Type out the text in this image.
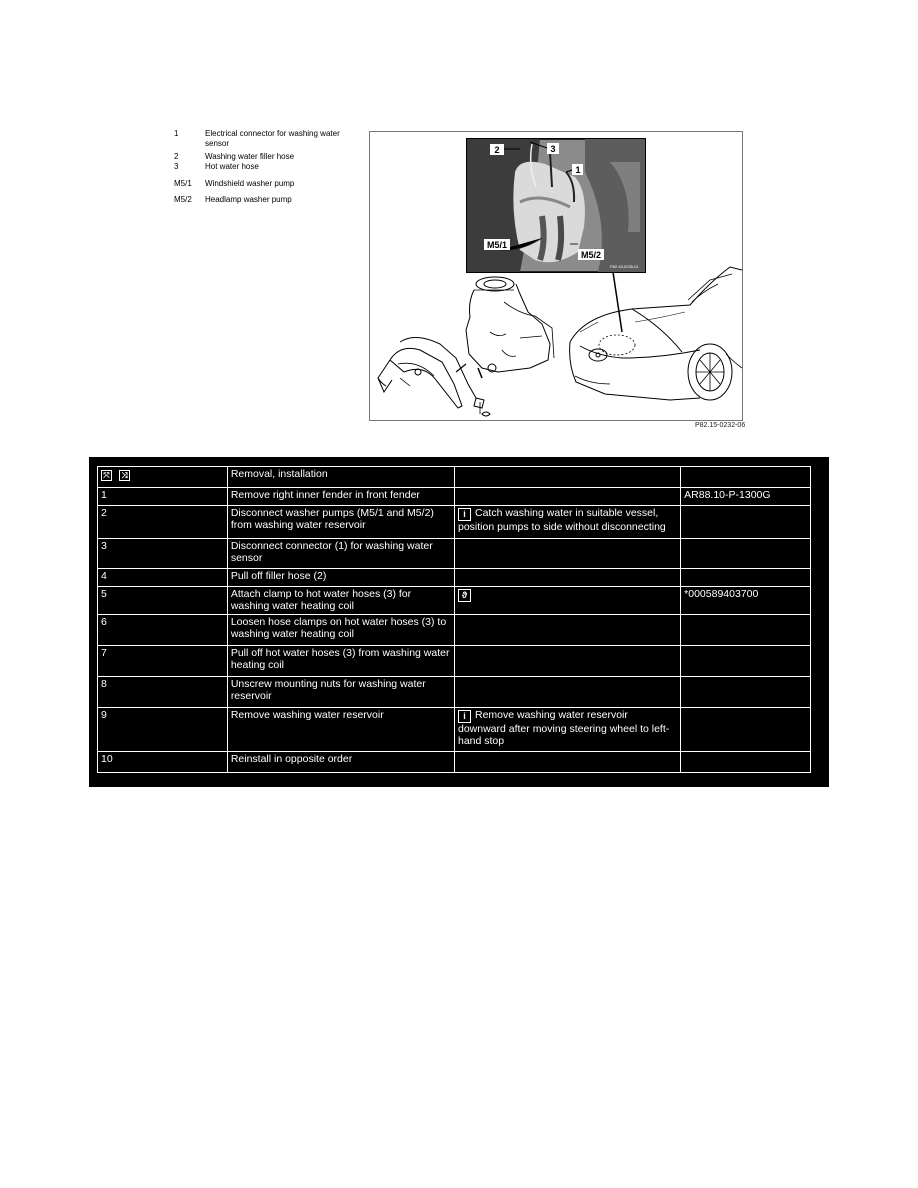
1	Electrical connector for washing water sensor
2	Washing water filler hose
3	Hot water hose
M5/1	Windshield washer pump
M5/2	Headlamp washer pump
2	3
1
M5/1
M5/2
P82.15-0235-01
P82.15-0232-06
⤧ ⤨	Removal, installation		
1	Remove right inner fender in front fender		AR88.10-P-1300G
2	Disconnect washer pumps (M5/1 and M5/2) from washing water reservoir	i Catch washing water in suitable vessel, position pumps to side without disconnecting	
3	Disconnect connector (1) for washing water sensor		
4	Pull off filler hose (2)		
5	Attach clamp to hot water hoses (3) for washing water heating coil	ϑ	*000589403700
6	Loosen hose clamps on hot water hoses (3) to washing water heating coil		
7	Pull off hot water hoses (3) from washing water heating coil		
8	Unscrew mounting nuts for washing water reservoir		
9	Remove washing water reservoir	i Remove washing water reservoir downward after moving steering wheel to left-hand stop	
10	Reinstall in opposite order		
